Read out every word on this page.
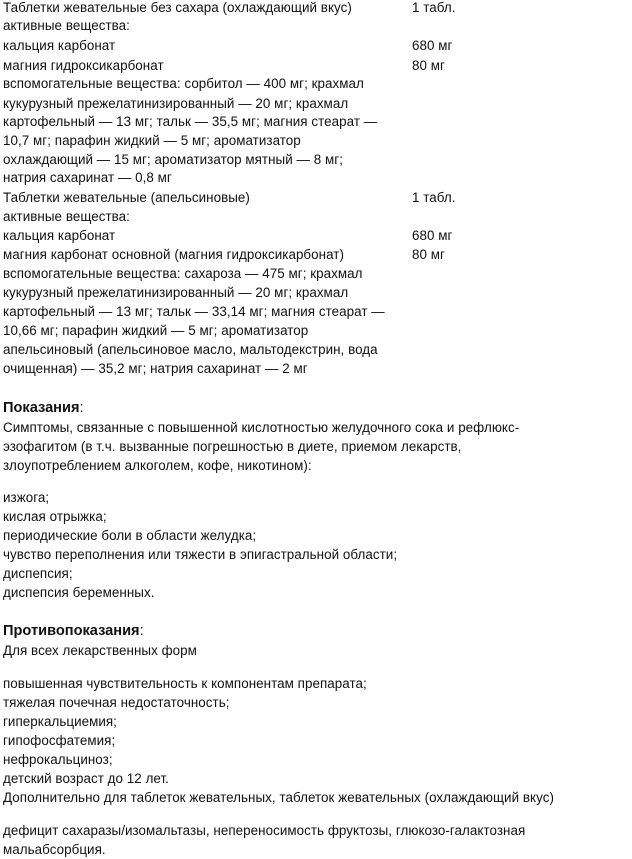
Таблетки жевательные без сахара (охлаждающий вкус)	1 табл.
активные вещества:
кальция карбонат	680 мг
магния гидроксикарбонат	80 мг
вспомогательные вещества: сорбитол — 400 мг; крахмал
кукурузный прежелатинизированный — 20 мг; крахмал
картофельный — 13 мг; тальк — 35,5 мг; магния стеарат —
10,7 мг; парафин жидкий — 5 мг; ароматизатор
охлаждающий — 15 мг; ароматизатор мятный — 8 мг;
натрия сахаринат — 0,8 мг
Таблетки жевательные (апельсиновые)	1 табл.
активные вещества:
кальция карбонат	680 мг
магния карбонат основной (магния гидроксикарбонат)	80 мг
вспомогательные вещества: сахароза — 475 мг; крахмал
кукурузный прежелатинизированный — 20 мг; крахмал
картофельный — 13 мг; тальк — 33,14 мг; магния стеарат —
10,66 мг; парафин жидкий — 5 мг; ароматизатор
апельсиновый (апельсиновое масло, мальтодекстрин, вода
очищенная) — 35,2 мг; натрия сахаринат — 2 мг
Показания:
Симптомы, связанные с повышенной кислотностью желудочного сока и рефлюкс-
эзофагитом (в т.ч. вызванные погрешностью в диете, приемом лекарств,
злоупотреблением алкоголем, кофе, никотином):
изжога;
кислая отрыжка;
периодические боли в области желудка;
чувство переполнения или тяжести в эпигастральной области;
диспепсия;
диспепсия беременных.
Противопоказания:
Для всех лекарственных форм
повышенная чувствительность к компонентам препарата;
тяжелая почечная недостаточность;
гиперкальциемия;
гипофосфатемия;
нефрокальциноз;
детский возраст до 12 лет.
Дополнительно для таблеток жевательных, таблеток жевательных (охлаждающий вкус)
дефицит сахаразы/изомальтазы, непереносимость фруктозы, глюкозо-галактозная
мальабсорбция.
